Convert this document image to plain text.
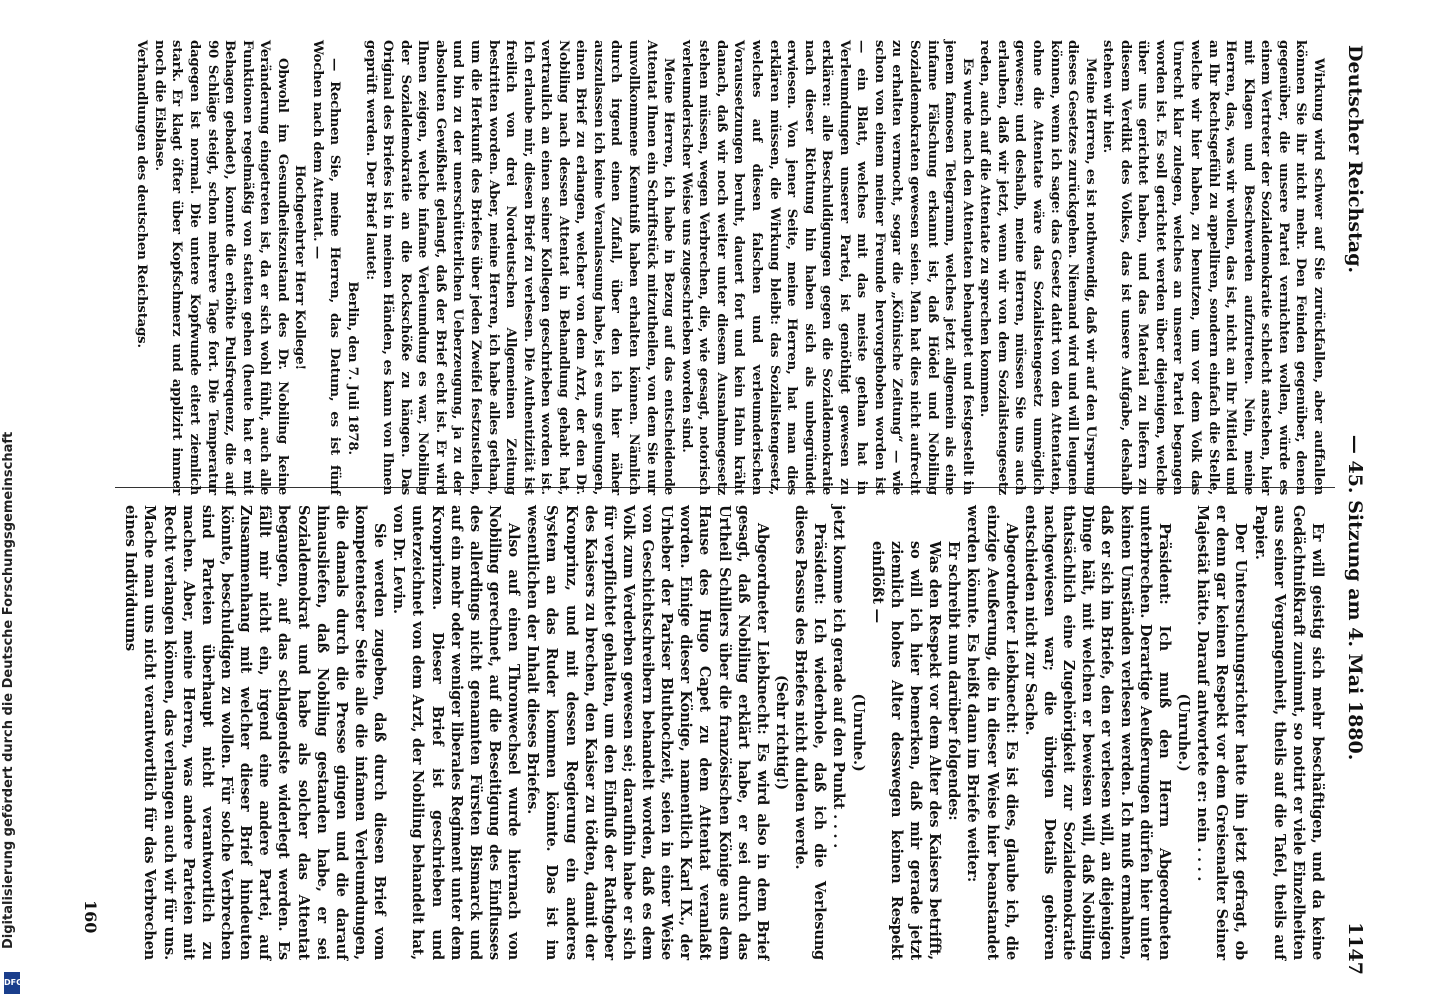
Deutscher Reichstag.
— 45. Sitzung am 4. Mai 1880.
1147

Wirkung wird schwer auf Sie zurückfallen, aber auffallen können Sie ihr nicht mehr. Den Feinden gegenüber, denen gegenüber, die unsere Partei vernichten wollen, würde es einem Vertreter der Sozialdemokratie schlecht anstehen, hier mit Klagen und Beschwerden aufzutreten. Nein, meine Herren, das, was wir wollen, das ist, nicht an Ihr Mitleid und an Ihr Rechtsgefühl zu appelliren, sondern einfach die Stelle, welche wir hier haben, zu benutzen, um vor dem Volk das Unrecht klar zulegen, welches an unserer Partei begangen worden ist. Es soll gerichtet werden über diejenigen, welche über uns gerichtet haben, und das Material zu liefern zu diesem Verdikt des Volkes, das ist unsere Aufgabe, deshalb stehen wir hier.

Meine Herren, es ist nothwendig, daß wir auf den Ursprung dieses Gesetzes zurückgehen. Niemand wird und will leugnen können, wenn ich sage: das Gesetz datirt von den Attentaten, ohne die Attentate wäre das Sozialistengesetz unmöglich gewesen; und deshalb, meine Herren, müssen Sie uns auch erlauben, daß wir jetzt, wenn wir von dem Sozialistengesetz reden, auch auf die Attentate zu sprechen kommen.

Es wurde nach den Attentaten behauptet und festgestellt in jenem famosen Telegramm, welches jetzt allgemein als eine infame Fälschung erkannt ist, daß Hödel und Nobiling Sozialdemokraten gewesen seien. Man hat dies nicht aufrecht zu erhalten vermocht, sogar die „Kölnische Zeitung“ — wie schon von einem meiner Freunde hervorgehoben worden ist — ein Blatt, welches mit das meiste gethan hat in Verleumdungen unserer Partei, ist genöthigt gewesen zu erklären: alle Beschuldigungen gegen die Sozialdemokratie nach dieser Richtung hin haben sich als unbegründet erwiesen. Von jener Seite, meine Herren, hat man dies erklären müssen, die Wirkung bleibt: das Sozialistengesetz, welches auf diesen falschen und verleumderischen Voraussetzungen beruht, dauert fort und kein Hahn kräht danach, daß wir noch weiter unter diesem Ausnahmegesetz stehen müssen, wegen Verbrechen, die, wie gesagt, notorisch verleumderischer Weise uns zugeschrieben worden sind.

Meine Herren, ich habe in Bezug auf das entscheidende Attentat Ihnen ein Schriftstück mitzutheilen, von dem Sie nur unvollkommene Kenntniß haben erhalten können. Nämlich durch irgend einen Zufall, über den ich hier näher auszulassen ich keine Veranlassung habe, ist es uns gelungen, einen Brief zu erlangen, welcher von dem Arzt, der den Dr. Nobiling nach dessen Attentat in Behandlung gehabt hat, vertraulich an einen seiner Kollegen geschrieben worden ist. Ich erlaube mir, diesen Brief zu verlesen. Die Authentizität ist freilich von drei Nordeutschen Allgemeinen Zeitung bestritten worden. Aber, meine Herren, ich habe alles gethan, um die Herkunft des Briefes über jeden Zweifel festzustellen, und bin zu der unerschütterlichen Ueberzeugung, ja zu der absoluten Gewißheit gelangt, daß der Brief echt ist. Er wird Ihnen zeigen, welche infame Verleumdung es war, Nobiling der Sozialdemokratie an die Rockschöße zu hängen. Das Original des Briefes ist in meinen Händen, es kann von Ihnen geprüft werden. Der Brief lautet:

Berlin, den 7. Juli 1878.

— Rechnen Sie, meine Herren, das Datum, es ist fünf Wochen nach dem Attentat. —

Hochgeehrter Herr Kollege!

Obwohl im Gesundheitszustand des Dr. Nobiling keine Veränderung eingetreten ist, da er sich wohl fühlt, auch alle Funktionen regelmäßig von statten gehen (heute hat er mit Behagen gebadet), konnte die erhöhte Pulsfrequenz, die auf 90 Schläge steigt, schon mehrere Tage fort. Die Temperatur dagegen ist normal. Die untere Kopfwunde eitert ziemlich stark. Er klagt öfter über Kopfschmerz und applizirt immer noch die Eisblase.

Verhandlungen des deutschen Reichstags.

Er will geistig sich mehr beschäftigen, und da keine Gedächtnißkraft zunimmt, so notirt er viele Einzelheiten aus seiner Vergangenheit, theils auf die Tafel, theils auf Papier.

Der Untersuchungsrichter hatte ihn jetzt gefragt, ob er denn gar keinen Respekt vor dem Greisenalter Seiner Majestät hätte. Darauf antwortete er: nein . . . .

(Unruhe.)

Präsident: Ich muß den Herrn Abgeordneten unterbrechen. Derartige Aeußerungen dürfen hier unter keinen Umständen verlesen werden. Ich muß ermahnen, daß er sich im Briefe, den er verlesen will, an diejenigen Dinge hält, mit welchen er beweisen will, daß Nobiling thatsächlich eine Zugehörigkeit zur Sozialdemokratie nachgewiesen war; die übrigen Details gehören entschieden nicht zur Sache.

Abgeordneter Liebknecht: Es ist dies, glaube ich, die einzige Aeußerung, die in dieser Weise hier beanstandet werden könnte. Es heißt dann im Briefe weiter:

Er schreibt nun darüber folgendes:

Was den Respekt vor dem Alter des Kaisers betrifft, so will ich hier bemerken, daß mir gerade jetzt ziemlich hohes Alter desswegen keinen Respekt einflößt —

(Unruhe.)

jetzt komme ich gerade auf den Punkt . . . .

Präsident: Ich wiederhole, daß ich die Verlesung dieses Passus des Briefes nicht dulden werde.

(Sehr richtig!)

Abgeordneter Liebknecht: Es wird also in dem Brief gesagt, daß Nobiling erklärt habe, er sei durch das Urtheil Schillers über die französischen Könige aus dem Hause des Hugo Capet zu dem Attentat veranlaßt worden. Einige dieser Könige, namentlich Karl IX., der Urheber der Pariser Bluthochzeit, seien in einer Weise von Geschichtschreibern behandelt worden, daß es dem Volk zum Verderben gewesen sei; daraufhin habe er sich für verpflichtet gehalten, um den Einfluß der Rathgeber des Kaisers zu brechen, den Kaiser zu tödten, damit der Kronprinz, und mit dessen Regierung ein anderes System an das Ruder kommen könnte. Das ist im wesentlichen der Inhalt dieses Briefes.

Also auf einen Thronwechsel wurde hiernach von Nobiling gerechnet, auf die Beseitigung des Einflusses des allerdings nicht genannten Fürsten Bismarck und auf ein mehr oder weniger liberales Regiment unter dem Kronprinzen. Dieser Brief ist geschrieben und unterzeichnet von dem Arzt, der Nobiling behandelt hat, von Dr. Levin.

Sie werden zugeben, daß durch diesen Brief vom kompetentester Seite alle die infamen Verleumdungen, die damals durch die Presse gingen und die darauf hinausliefen, daß Nobiling gestanden habe, er sei Sozialdemokrat und habe als solcher das Attentat begangen, auf das schlagendste widerlegt werden. Es fällt mir nicht ein, irgend eine andere Partei, auf Zusammenhang mit welcher dieser Brief hindeuten könnte, beschuldigen zu wollen. Für solche Verbrechen sind Parteien überhaupt nicht verantwortlich zu machen. Aber, meine Herren, was andere Parteien mit Recht verlangen können, das verlangen auch wir für uns. Mache man uns nicht verantwortlich für das Verbrechen eines Individuums

160
Digitalisierung gefördert durch die Deutsche Forschungsgemeinschaft
DFG
